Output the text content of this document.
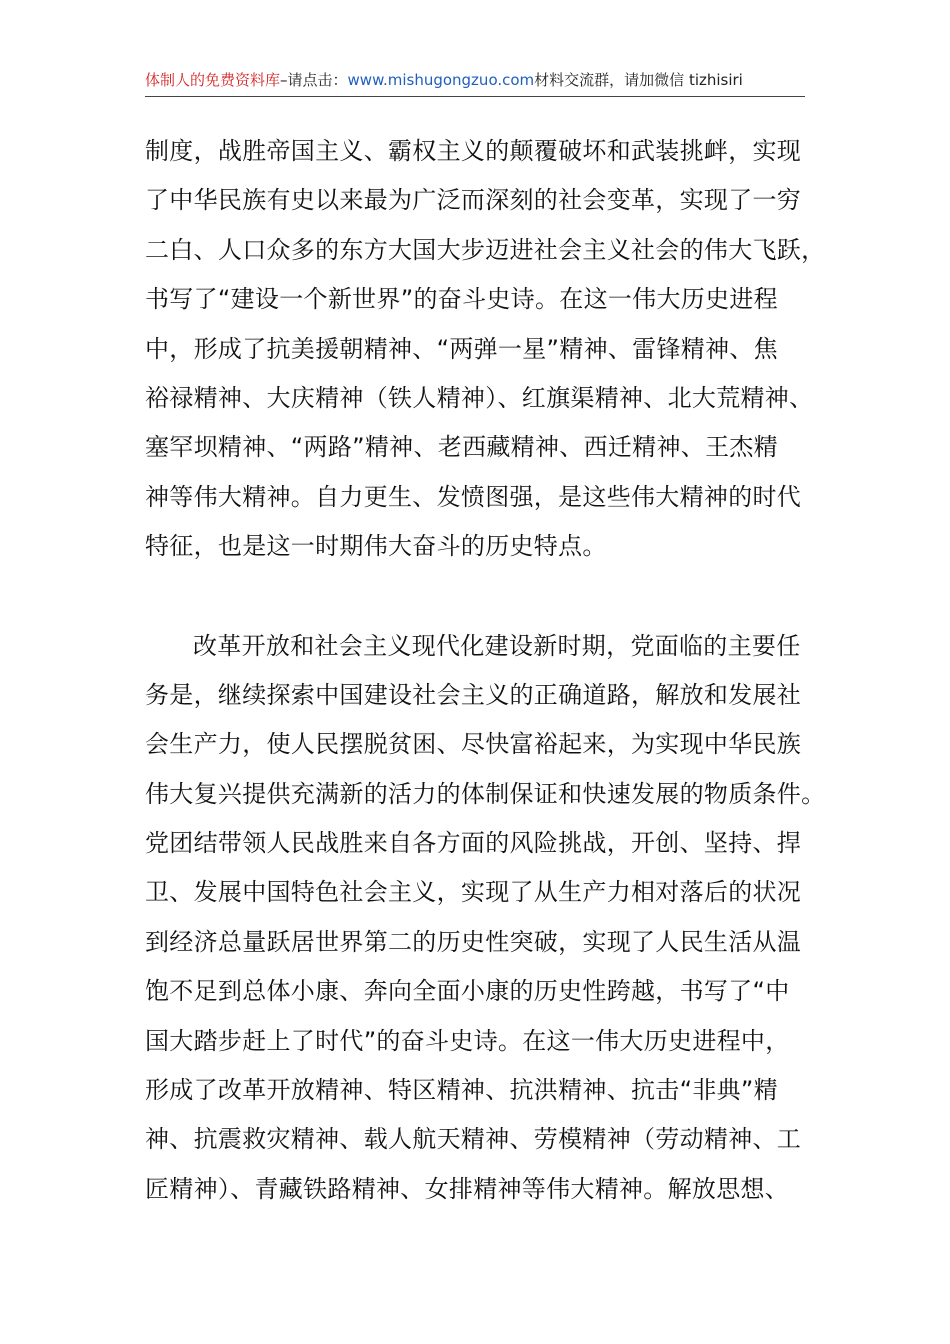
体制人的免费资料库–请点击：www.mishugongzuo.com材料交流群，请加微信 tizhisiri
制度，战胜帝国主义、霸权主义的颠覆破坏和武装挑衅，实现
了中华民族有史以来最为广泛而深刻的社会变革，实现了一穷
二白、人口众多的东方大国大步迈进社会主义社会的伟大飞跃，
书写了“建设一个新世界”的奋斗史诗。在这一伟大历史进程
中，形成了抗美援朝精神、“两弹一星”精神、雷锋精神、焦
裕禄精神、大庆精神（铁人精神）、红旗渠精神、北大荒精神、
塞罕坝精神、“两路”精神、老西藏精神、西迁精神、王杰精
神等伟大精神。自力更生、发愤图强，是这些伟大精神的时代
特征，也是这一时期伟大奋斗的历史特点。
改革开放和社会主义现代化建设新时期，党面临的主要任
务是，继续探索中国建设社会主义的正确道路，解放和发展社
会生产力，使人民摆脱贫困、尽快富裕起来，为实现中华民族
伟大复兴提供充满新的活力的体制保证和快速发展的物质条件。
党团结带领人民战胜来自各方面的风险挑战，开创、坚持、捍
卫、发展中国特色社会主义，实现了从生产力相对落后的状况
到经济总量跃居世界第二的历史性突破，实现了人民生活从温
饱不足到总体小康、奔向全面小康的历史性跨越，书写了“中
国大踏步赶上了时代”的奋斗史诗。在这一伟大历史进程中，
形成了改革开放精神、特区精神、抗洪精神、抗击“非典”精
神、抗震救灾精神、载人航天精神、劳模精神（劳动精神、工
匠精神）、青藏铁路精神、女排精神等伟大精神。解放思想、
